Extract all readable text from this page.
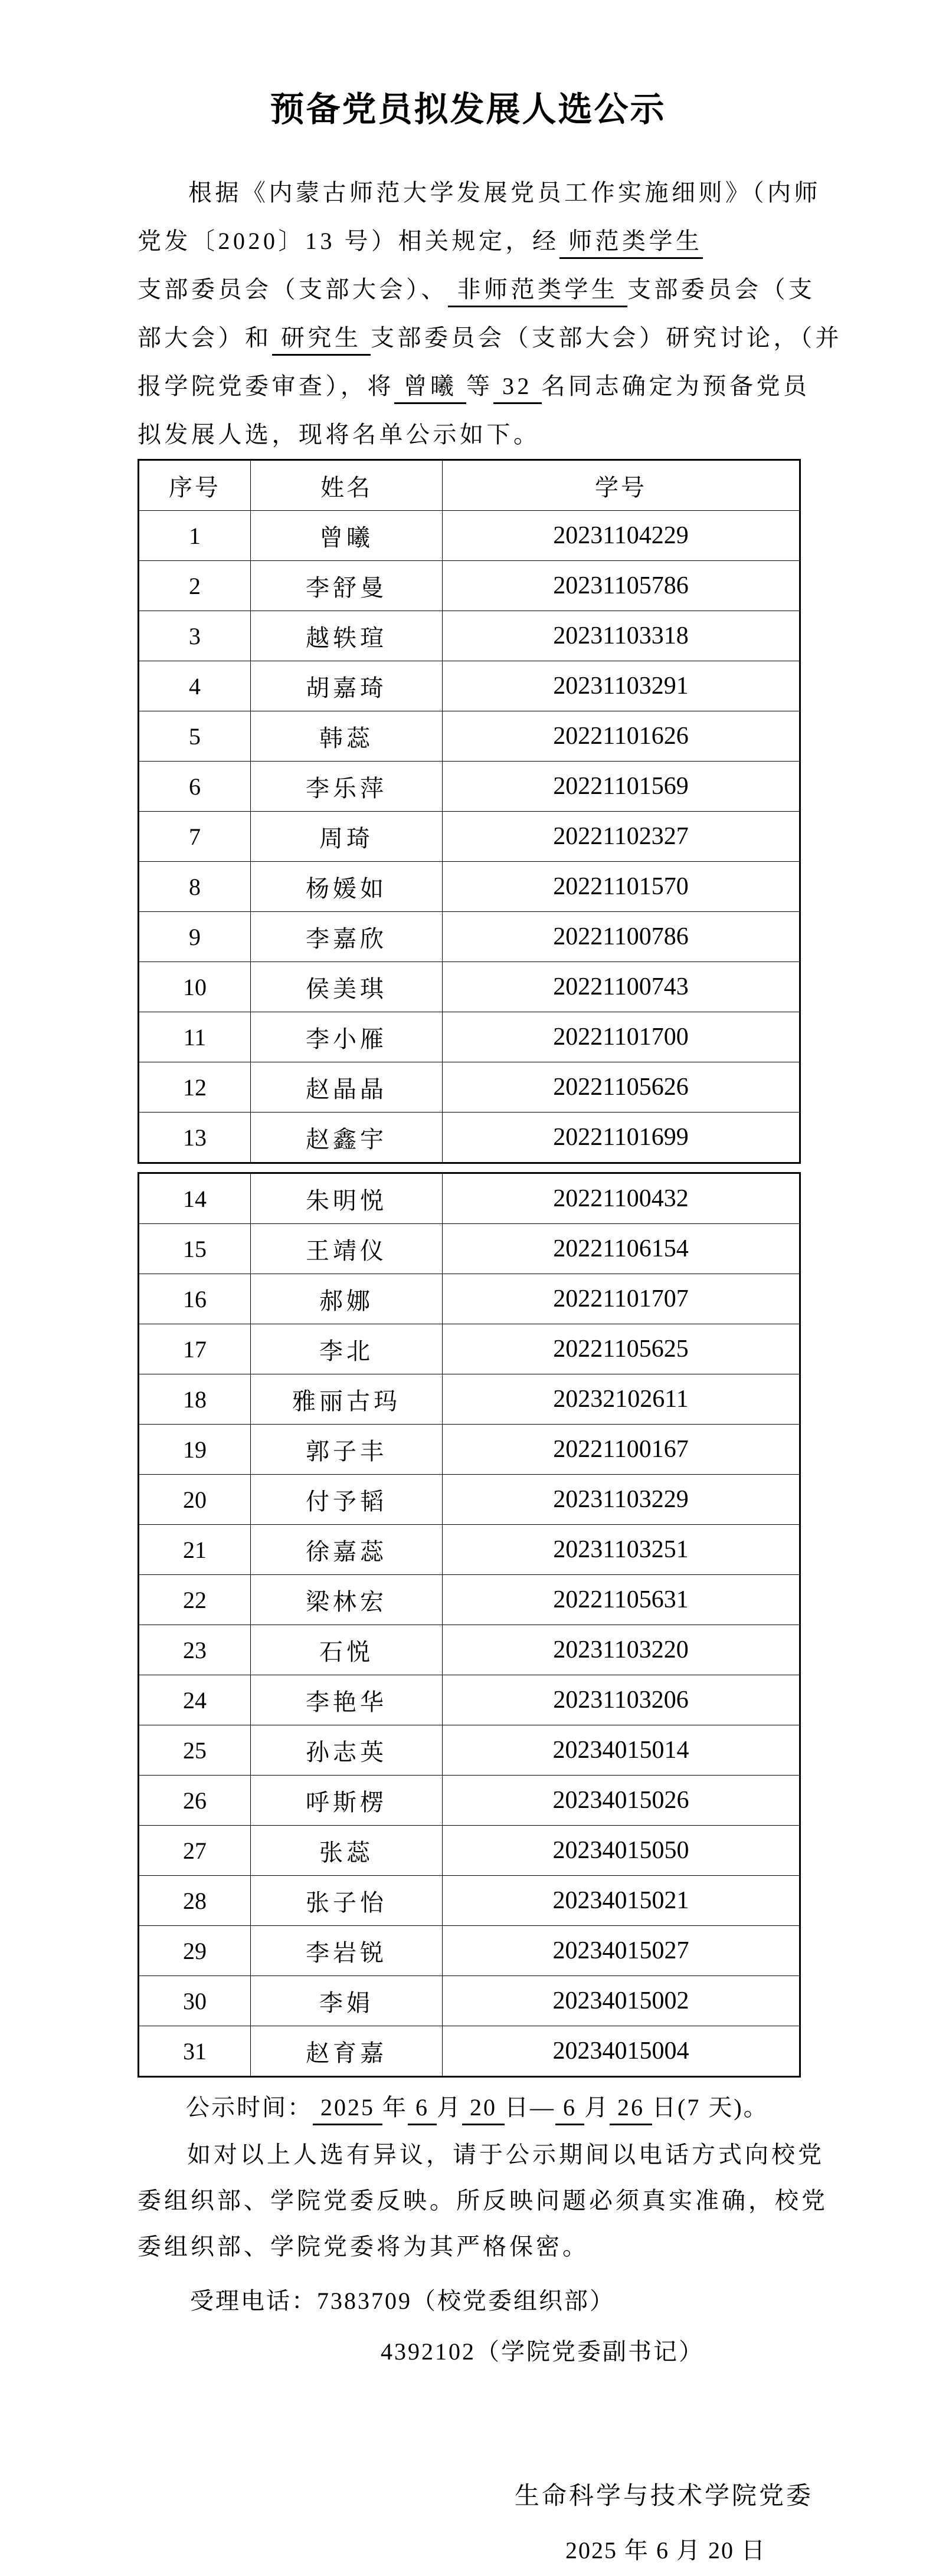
预备党员拟发展人选公示
根据《内蒙古师范大学发展党员工作实施细则》（内师
党发〔2020〕13 号）相关规定，经 师范类学生
支部委员会（支部大会）、 非师范类学生 支部委员会（支
部大会）和 研究生 支部委员会（支部大会）研究讨论，（并
报学院党委审查），将 曾曦 等 32 名同志确定为预备党员
拟发展人选，现将名单公示如下。
序号	姓名	学号
1	曾曦	20231104229
2	李舒曼	20231105786
3	越轶瑄	20231103318
4	胡嘉琦	20231103291
5	韩蕊	20221101626
6	李乐萍	20221101569
7	周琦	20221102327
8	杨媛如	20221101570
9	李嘉欣	20221100786
10	侯美琪	20221100743
11	李小雁	20221101700
12	赵晶晶	20221105626
13	赵鑫宇	20221101699
14	朱明悦	20221100432
15	王靖仪	20221106154
16	郝娜	20221101707
17	李北	20221105625
18	雅丽古玛	20232102611
19	郭子丰	20221100167
20	付予韬	20231103229
21	徐嘉蕊	20231103251
22	梁林宏	20221105631
23	石悦	20231103220
24	李艳华	20231103206
25	孙志英	20234015014
26	呼斯楞	20234015026
27	张蕊	20234015050
28	张子怡	20234015021
29	李岩锐	20234015027
30	李娟	20234015002
31	赵育嘉	20234015004
公示时间： 2025 年 6 月 20 日— 6 月 26 日(7 天)。
如对以上人选有异议，请于公示期间以电话方式向校党
委组织部、学院党委反映。所反映问题必须真实准确，校党
委组织部、学院党委将为其严格保密。
受理电话：7383709（校党委组织部）
4392102（学院党委副书记）
生命科学与技术学院党委
2025 年 6 月 20 日
